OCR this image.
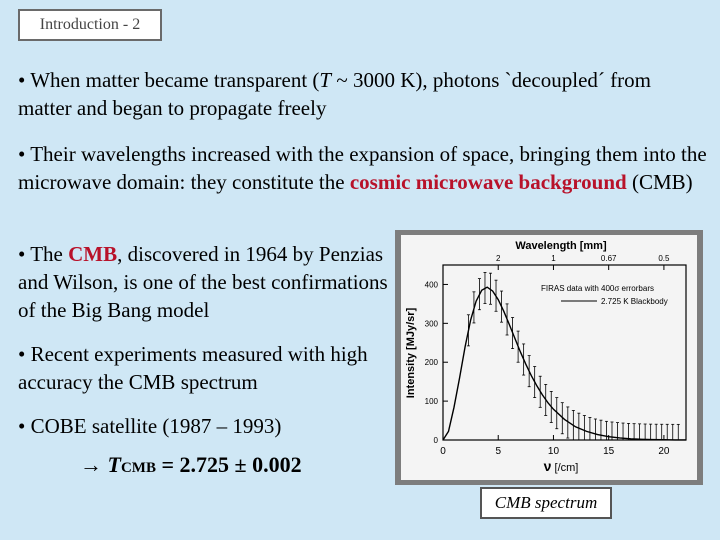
Introduction - 2
• When matter became transparent (T ~ 3000 K), photons `decoupled´ from matter and began to propagate freely
• Their wavelengths increased with the expansion of space, bringing them into the microwave domain: they constitute the cosmic microwave background (CMB)
• The CMB, discovered in 1964 by Penzias and Wilson, is one of the best confirmations of the Big Bang model
• Recent experiments measured with high accuracy the CMB spectrum
• COBE satellite (1987 – 1993)
→ TCMB = 2.725 ± 0.002
Wavelength [mm]
Intensity [MJy/sr]
ν [/cm]
0	5	10	15	20
0
100
200
300
400
2	1	0.67	0.5
FIRAS data with 400σ errorbars
2.725 K Blackbody
CMB spectrum
